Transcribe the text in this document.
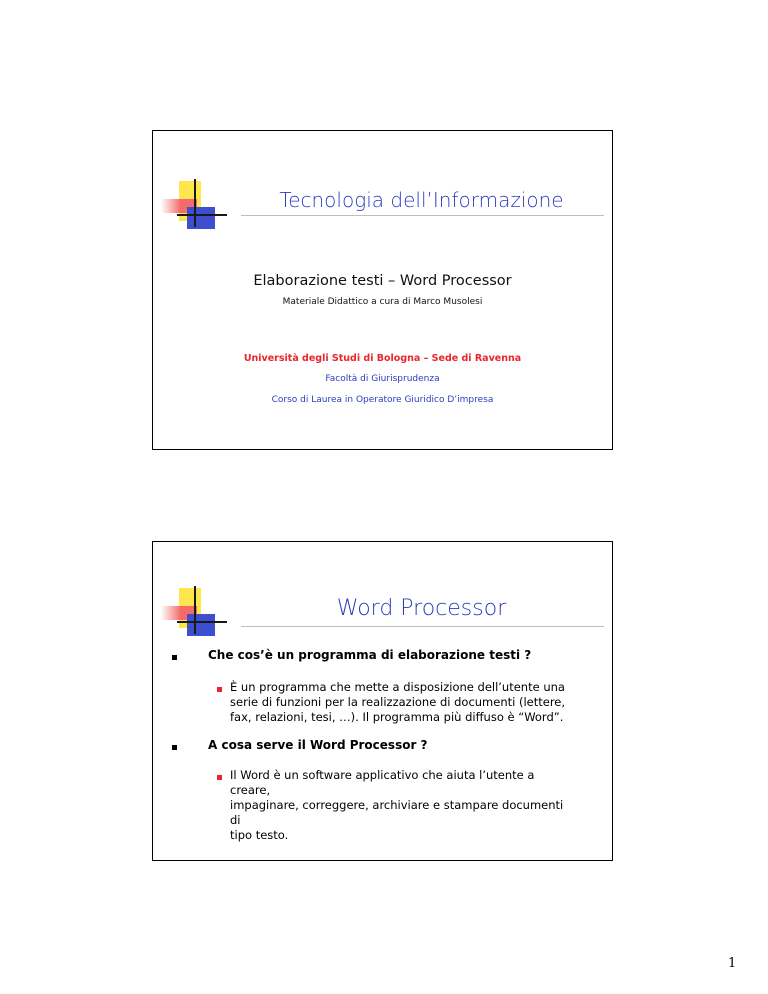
Tecnologia dell’Informazione
Elaborazione testi – Word Processor
Materiale Didattico a cura di Marco Musolesi
Università degli Studi di Bologna – Sede di Ravenna
Facoltà di Giurisprudenza
Corso di Laurea in Operatore Giuridico D’impresa
Word Processor
Che cos’è un programma di elaborazione testi ?
È un programma che mette a disposizione dell’utente una
serie di funzioni per la realizzazione di documenti (lettere,
fax, relazioni, tesi, …). Il programma più diffuso è “Word”.
A cosa serve il Word Processor ?
Il Word è un software applicativo che aiuta l’utente a creare,
impaginare, correggere, archiviare e stampare documenti di
tipo testo.
1
